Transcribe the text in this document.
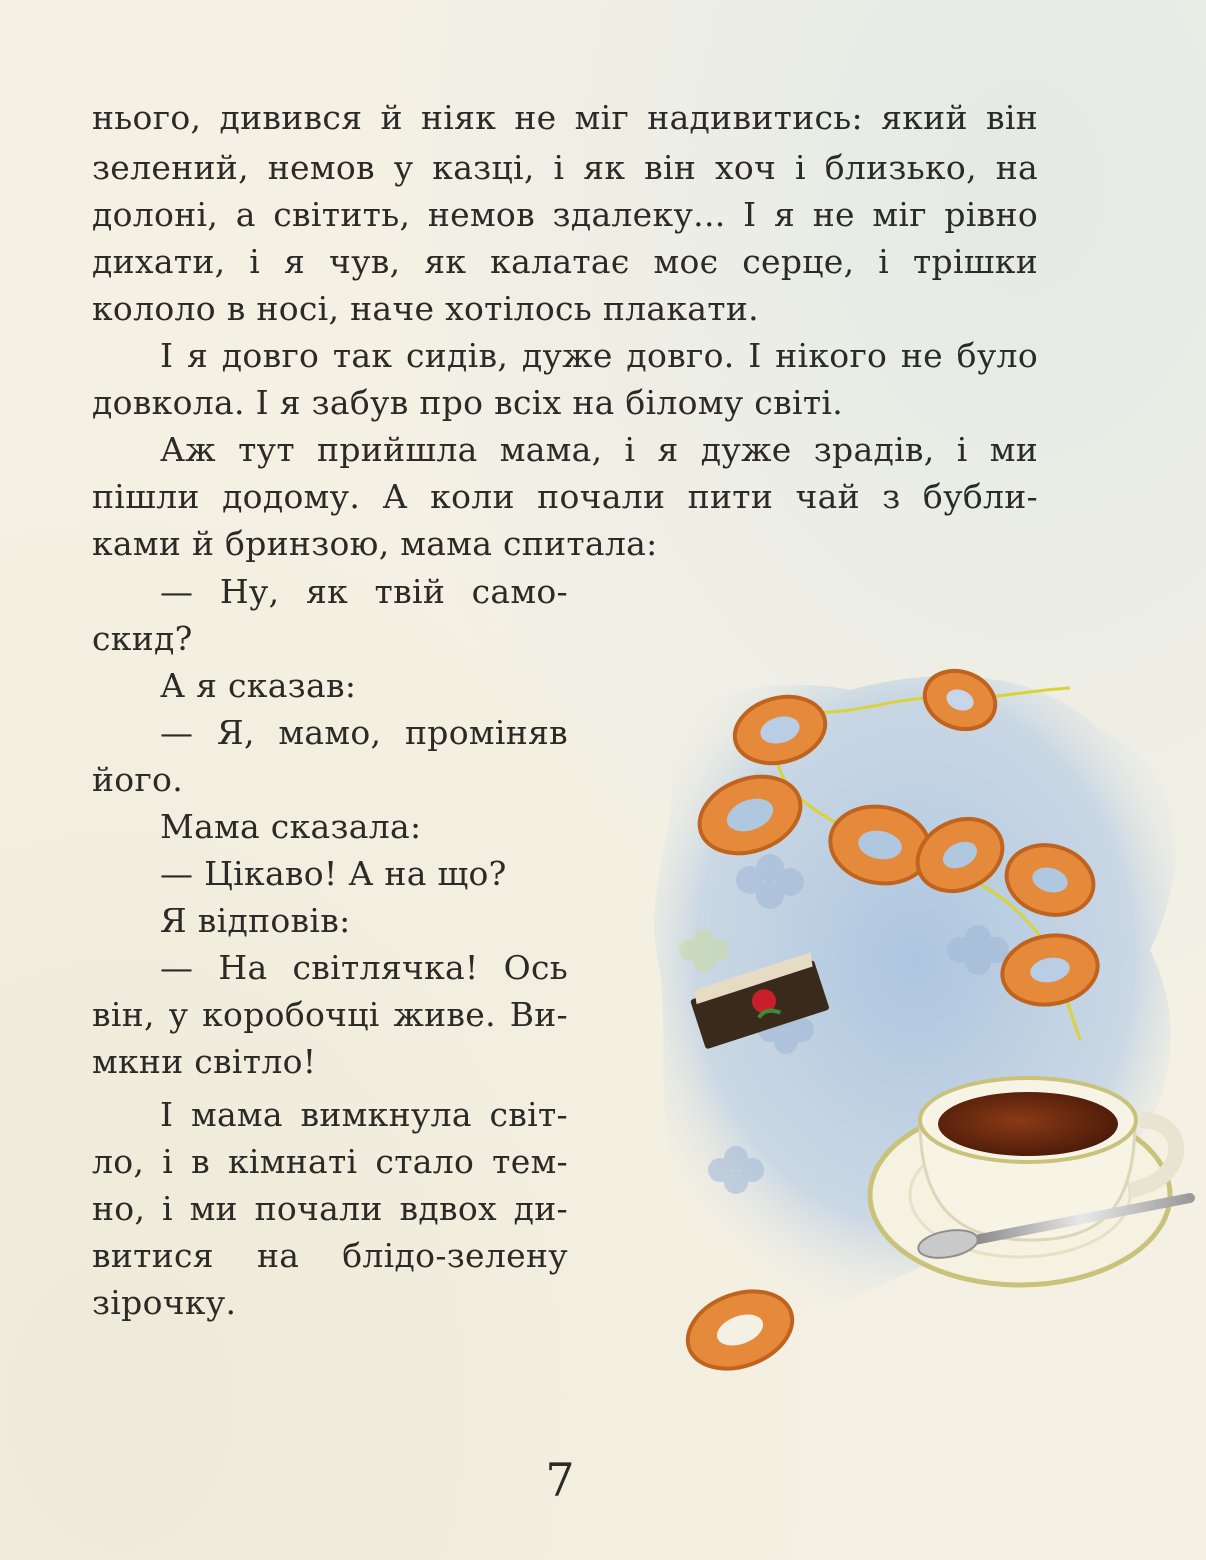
нього, дивився й ніяк не міг надивитись: який він
зелений, немов у казці, і як він хоч і близько, на
долоні, а світить, немов здалеку... І я не міг рівно
дихати, і я чув, як калатає моє серце, і трішки
кололо в носі, наче хотілось плакати.
І я довго так сидів, дуже довго. І нікого не було
довкола. І я забув про всіх на білому світі.
Аж тут прийшла мама, і я дуже зрадів, і ми
пішли додому. А коли почали пити чай з бубли-
ками й бринзою, мама спитала:
— Ну, як твій само-
скид?
А я сказав:
— Я, мамо, проміняв
його.
Мама сказала:
— Цікаво! А на що?
Я відповів:
— На світлячка! Ось
він, у коробочці живе. Ви-
мкни світло!
І мама вимкнула світ-
ло, і в кімнаті стало тем-
но, і ми почали вдвох ди-
витися на блідо-зелену
зірочку.
7
